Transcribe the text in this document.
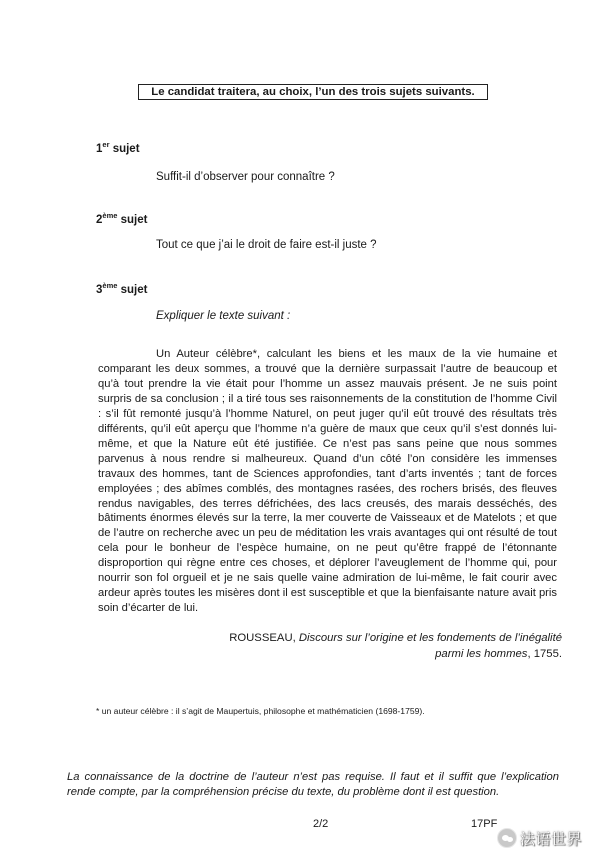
Le candidat traitera, au choix, l’un des trois sujets suivants.
1er sujet
Suffit-il d’observer pour connaître ?
2ème sujet
Tout ce que j’ai le droit de faire est-il juste ?
3ème sujet
Expliquer le texte suivant :

Un Auteur célèbre*, calculant les biens et les maux de la vie humaine et comparant les deux sommes, a trouvé que la dernière surpassait l’autre de beaucoup et qu’à tout prendre la vie était pour l’homme un assez mauvais présent. Je ne suis point surpris de sa conclusion ; il a tiré tous ses raisonnements de la constitution de l’homme Civil : s’il fût remonté jusqu’à l’homme Naturel, on peut juger qu’il eût trouvé des résultats très différents, qu’il eût aperçu que l’homme n’a guère de maux que ceux qu’il s’est donnés lui-même, et que la Nature eût été justifiée. Ce n’est pas sans peine que nous sommes parvenus à nous rendre si malheureux. Quand d’un côté l’on considère les immenses travaux des hommes, tant de Sciences approfondies, tant d’arts inventés ; tant de forces employées ; des abîmes comblés, des montagnes rasées, des rochers brisés, des fleuves rendus navigables, des terres défrichées, des lacs creusés, des marais desséchés, des bâtiments énormes élevés sur la terre, la mer couverte de Vaisseaux et de Matelots ; et que de l’autre on recherche avec un peu de méditation les vrais avantages qui ont résulté de tout cela pour le bonheur de l’espèce humaine, on ne peut qu’être frappé de l’étonnante disproportion qui règne entre ces choses, et déplorer l’aveuglement de l’homme qui, pour nourrir son fol orgueil et je ne sais quelle vaine admiration de lui-même, le fait courir avec ardeur après toutes les misères dont il est susceptible et que la bienfaisante nature avait pris soin d’écarter de lui.

ROUSSEAU, Discours sur l’origine et les fondements de l’inégalité
parmi les hommes, 1755.
* un auteur célèbre : il s’agit de Maupertuis, philosophe et mathématicien (1698-1759).

La connaissance de la doctrine de l’auteur n’est pas requise. Il faut et il suffit que l’explication rende compte, par la compréhension précise du texte, du problème dont il est question.

2/2	17PF
法语世界
